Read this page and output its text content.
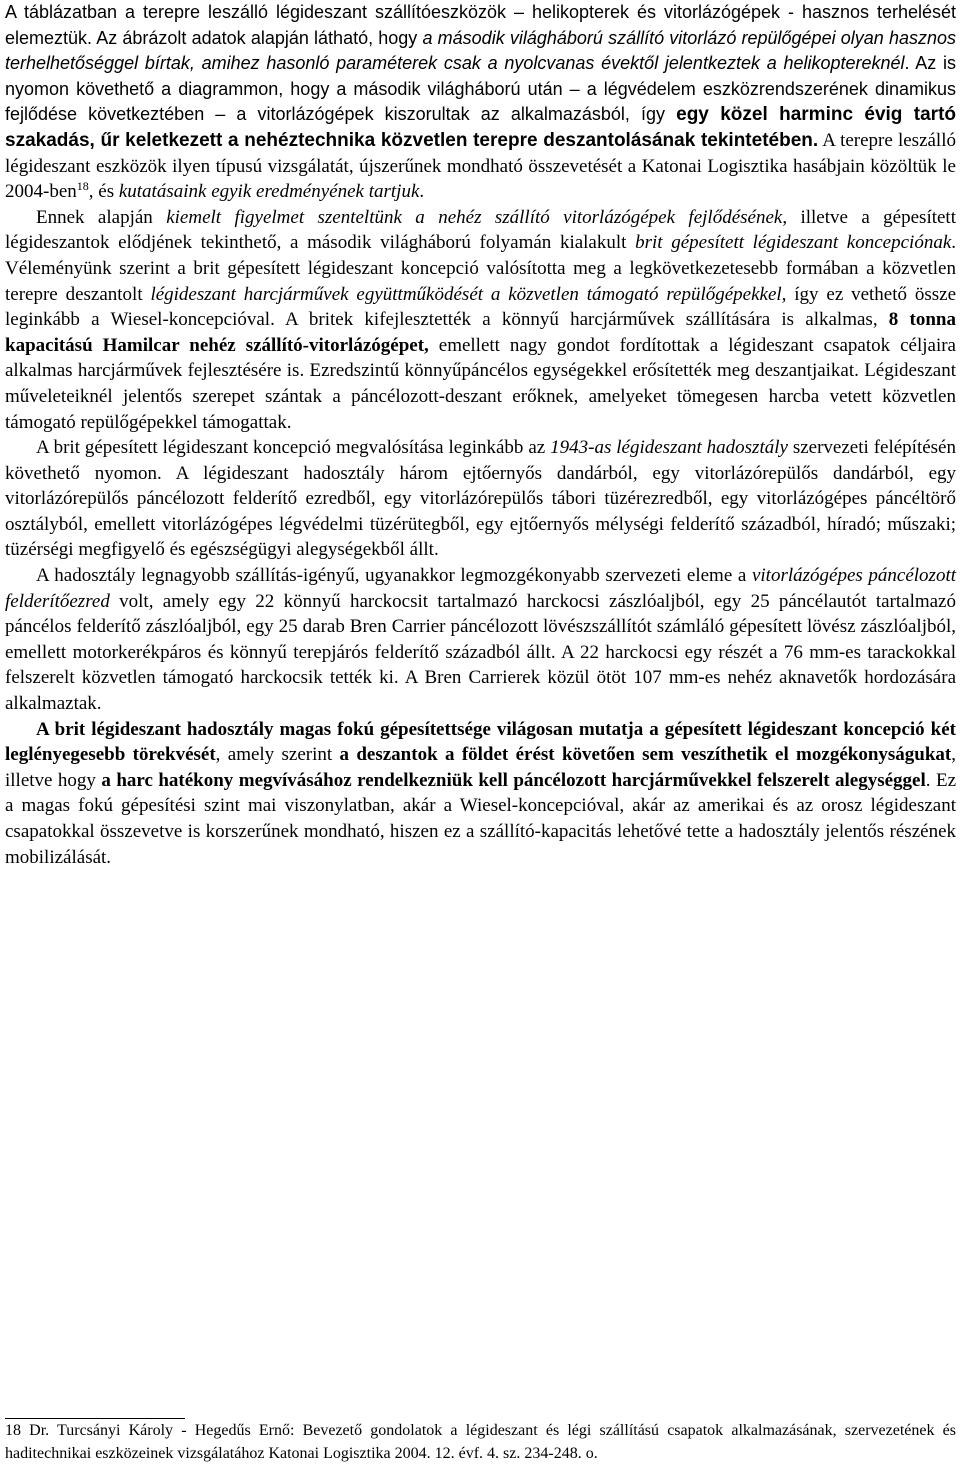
A táblázatban a terepre leszálló légideszant szállítóeszközök – helikopterek és vitorlázógépek - hasznos terhelését elemeztük. Az ábrázolt adatok alapján látható, hogy a második világháború szállító vitorlázó repülőgépei olyan hasznos terhelhetőséggel bírtak, amihez hasonló paraméterek csak a nyolcvanas évektől jelentkeztek a helikoptereknél. Az is nyomon követhető a diagrammon, hogy a második világháború után – a légvédelem eszközrendszerének dinamikus fejlődése következtében – a vitorlázógépek kiszorultak az alkalmazásból, így egy közel harminc évig tartó szakadás, űr keletkezett a nehéztechnika közvetlen terepre deszantolásának tekintetében. A terepre leszálló légideszant eszközök ilyen típusú vizsgálatát, újszerűnek mondható összevetését a Katonai Logisztika hasábjain közöltük le 2004-ben$^{18}$, és kutatásaink egyik eredményének tartjuk.

Ennek alapján kiemelt figyelmet szenteltünk a nehéz szállító vitorlázógépek fejlődésének, illetve a gépesített légideszantok elődjének tekinthető, a második világháború folyamán kialakult brit gépesített légideszant koncepciónak. Véleményünk szerint a brit gépesített légideszant koncepció valósította meg a legkövetkezetesebb formában a közvetlen terepre deszantolt légideszant harcjárművek együttműködését a közvetlen támogató repülőgépekkel, így ez vethető össze leginkább a Wiesel-koncepcióval. A britek kifejlesztették a könnyű harcjárművek szállítására is alkalmas, 8 tonna kapacitású Hamilcar nehéz szállító-vitorlázógépet, emellett nagy gondot fordítottak a légideszant csapatok céljaira alkalmas harcjárművek fejlesztésére is. Ezredszintű könnyűpáncélos egységekkel erősítették meg deszantjaikat. Légideszant műveleteiknél jelentős szerepet szántak a páncélozott-deszant erőknek, amelyeket tömegesen harcba vetett közvetlen támogató repülőgépekkel támogattak.

A brit gépesített légideszant koncepció megvalósítása leginkább az 1943-as légideszant hadosztály szervezeti felépítésén követhető nyomon. A légideszant hadosztály három ejtőernyős dandárból, egy vitorlázórepülős dandárból, egy vitorlázórepülős páncélozott felderítő ezredből, egy vitorlázórepülős tábori tüzérezredből, egy vitorlázógépes páncéltörő osztályból, emellett vitorlázógépes légvédelmi tüzérütegből, egy ejtőernyős mélységi felderítő századból, híradó; műszaki; tüzérségi megfigyelő és egészségügyi alegységekből állt.

A hadosztály legnagyobb szállítás-igényű, ugyanakkor legmozgékonyabb szervezeti eleme a vitorlázógépes páncélozott felderítőezred volt, amely egy 22 könnyű harckocsit tartalmazó harckocsi zászlóaljból, egy 25 páncélautót tartalmazó páncélos felderítő zászlóaljból, egy 25 darab Bren Carrier páncélozott lövészszállítót számláló gépesített lövész zászlóaljból, emellett motorkerékpáros és könnyű terepjárós felderítő századból állt. A 22 harckocsi egy részét a 76 mm-es tarackokkal felszerelt közvetlen támogató harckocsik tették ki. A Bren Carrierek közül ötöt 107 mm-es nehéz aknavetők hordozására alkalmaztak.

A brit légideszant hadosztály magas fokú gépesítettsége világosan mutatja a gépesített légideszant koncepció két leglényegesebb törekvését, amely szerint a deszantok a földet érést követően sem veszíthetik el mozgékonyságukat, illetve hogy a harc hatékony megvívásához rendelkezniük kell páncélozott harcjárművekkel felszerelt alegységgel. Ez a magas fokú gépesítési szint mai viszonylatban, akár a Wiesel-koncepcióval, akár az amerikai és az orosz légideszant csapatokkal összevetve is korszerűnek mondható, hiszen ez a szállító-kapacitás lehetővé tette a hadosztály jelentős részének mobilizálását.

18 Dr. Turcsányi Károly - Hegedűs Ernő: Bevezető gondolatok a légideszant és légi szállítású csapatok alkalmazásának, szervezetének és haditechnikai eszközeinek vizsgálatához Katonai Logisztika 2004. 12. évf. 4. sz. 234-248. o.
